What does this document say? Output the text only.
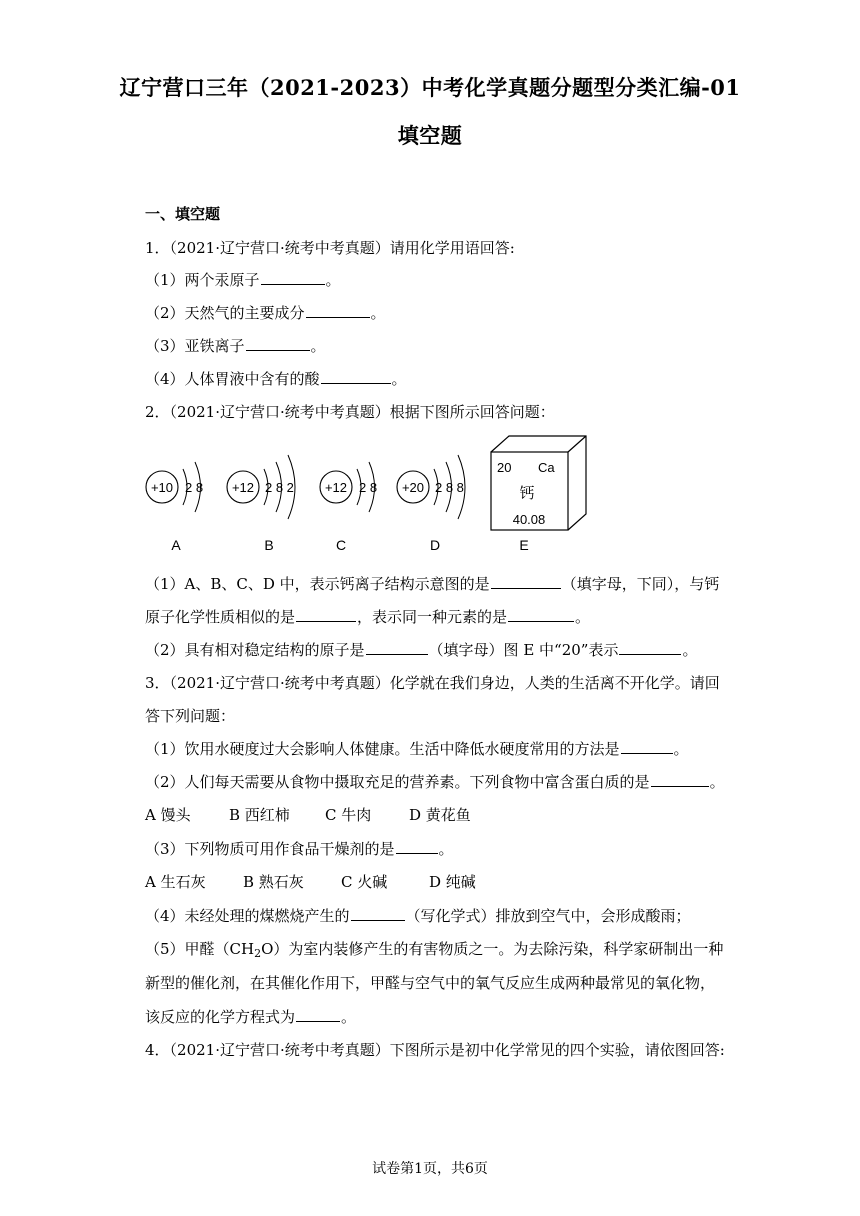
辽宁营口三年（2021-2023）中考化学真题分题型分类汇编-01
填空题
一、填空题
1．（2021·辽宁营口·统考中考真题）请用化学用语回答:
（1）两个汞原子	。
（2）天然气的主要成分	。
（3）亚铁离子	。
（4）人体胃液中含有的酸	。
2．（2021·辽宁营口·统考中考真题）根据下图所示回答问题：
+10 2 8
A
+12 2 8 2
B
+12 2 8
C
+20 2 8 8
D
20 Ca
钙
40.08
E
（1）A、B、C、D 中，表示钙离子结构示意图的是	（填字母，下同），与钙
原子化学性质相似的是	，表示同一种元素的是	。
（2）具有相对稳定结构的原子是	（填字母）图 E 中“20”表示	。
3．（2021·辽宁营口·统考中考真题）化学就在我们身边，人类的生活离不开化学。请回
答下列问题：
（1）饮用水硬度过大会影响人体健康。生活中降低水硬度常用的方法是	。
（2）人们每天需要从食物中摄取充足的营养素。下列食物中富含蛋白质的是	。
A 馒头	B 西红柿 C 牛肉	D 黄花鱼
（3）下列物质可用作食品干燥剂的是	。
A 生石灰 B 熟石灰 C 火碱	D 纯碱
（4）未经处理的煤燃烧产生的	（写化学式）排放到空气中，会形成酸雨；
（5）甲醛$(CH_2O)$为室内装修产生的有害物质之一。为去除污染，科学家研制出一种
新型的催化剂，在其催化作用下，甲醛与空气中的氧气反应生成两种最常见的氧化物，
该反应的化学方程式为	。
4．（2021·辽宁营口·统考中考真题）下图所示是初中化学常见的四个实验，请依图回答:
试卷第1页，共6页
